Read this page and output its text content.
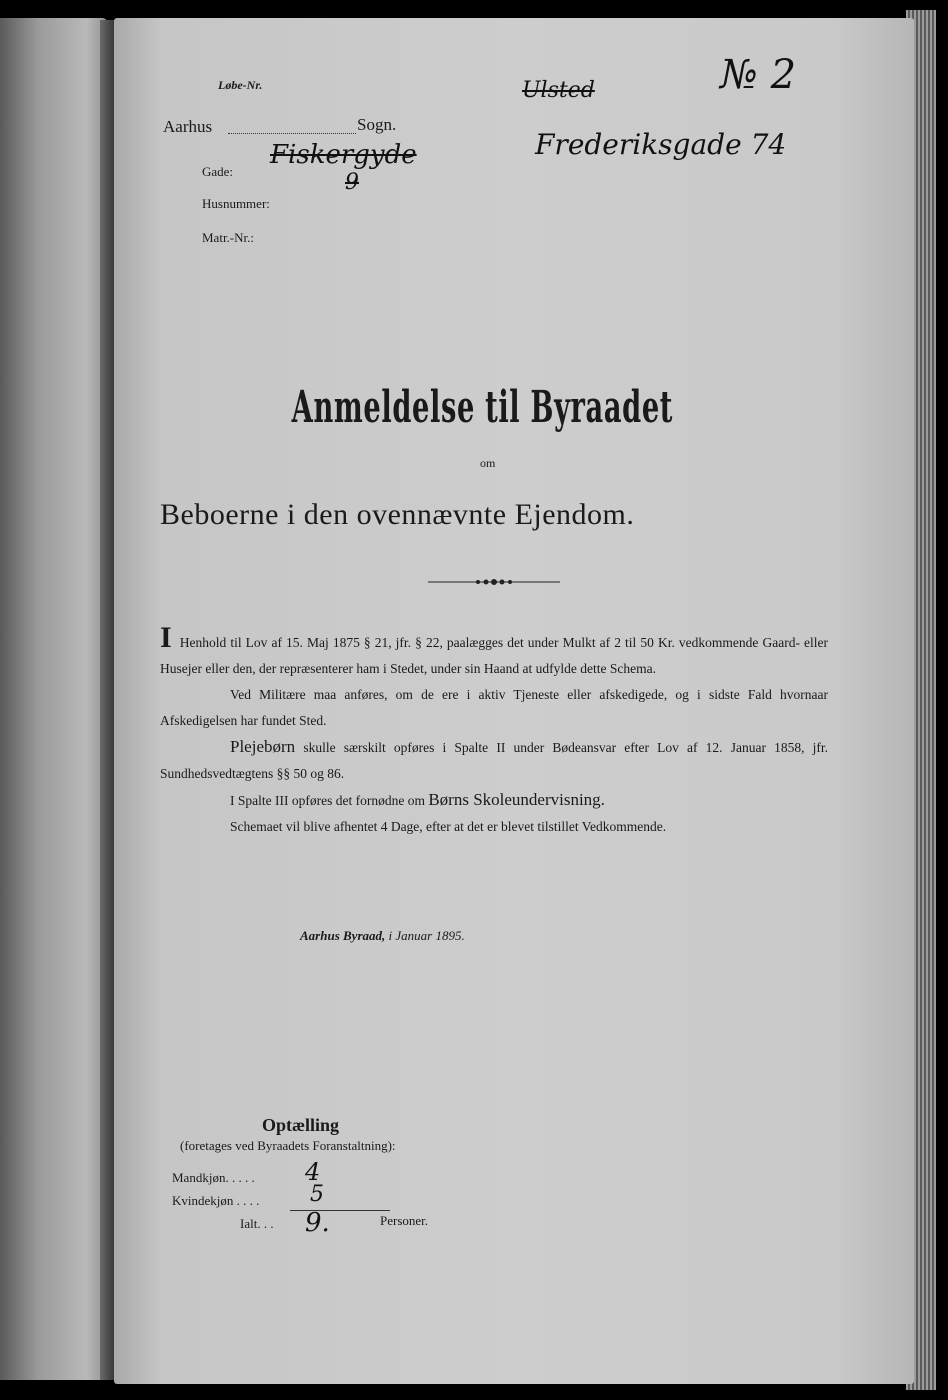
Løbe-Nr.
Aarhus	Sogn.
Gade:
Husnummer:
Matr.-Nr.:
Ulsted	№ 2
Fiskergyde	Frederiksgade 74
9
Anmeldelse til Byraadet
om
Beboerne i den ovennævnte Ejendom.
I Henhold til Lov af 15. Maj 1875 § 21, jfr. § 22, paalægges det under Mulkt af 2 til 50 Kr. vedkommende Gaard- eller Husejer eller den, der repræsenterer ham i Stedet, under sin Haand at udfylde dette Schema.
Ved Militære maa anføres, om de ere i aktiv Tjeneste eller afskedigede, og i sidste Fald hvornaar Afskedigelsen har fundet Sted.
Plejebørn skulle særskilt opføres i Spalte II under Bødeansvar efter Lov af 12. Januar 1858, jfr. Sundhedsvedtægtens §§ 50 og 86.
I Spalte III opføres det fornødne om Børns Skoleundervisning.
Schemaet vil blive afhentet 4 Dage, efter at det er blevet tilstillet Vedkommende.
Aarhus Byraad, i Januar 1895.
Optælling
(foretages ved Byraadets Foranstaltning):
Mandkjøn. . . . . 4
Kvindekjøn . . . . 5
Ialt. . . 9.	Personer.
